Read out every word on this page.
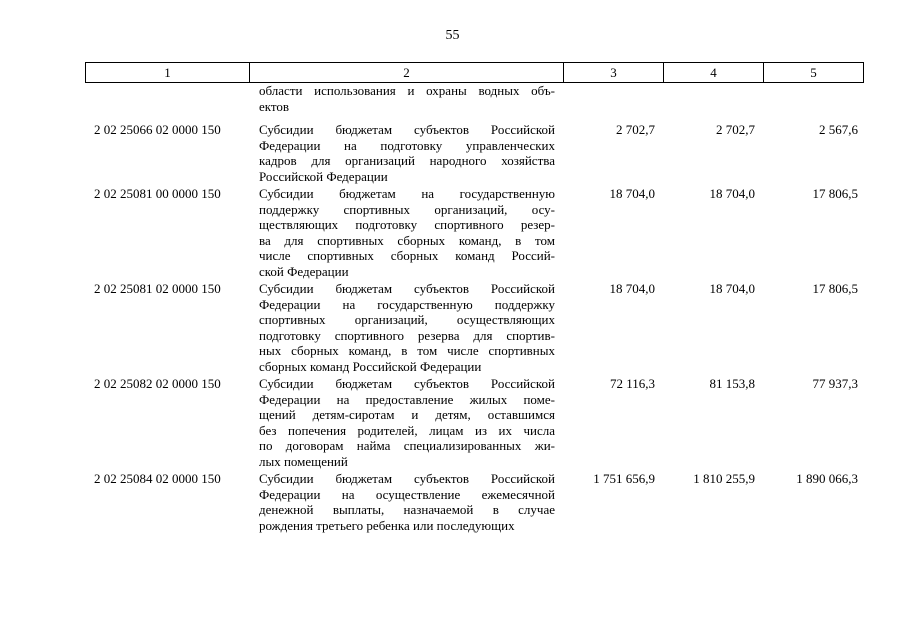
55
1	2	3	4	5
области использования и охраны водных объ-
ектов
2 02 25066 02 0000 150	Субсидии бюджетам субъектов Российской
Федерации на подготовку управленческих
кадров для организаций народного хозяйства
Российской Федерации
2 702,7	2 702,7	2 567,6
2 02 25081 00 0000 150	Субсидии бюджетам на государственную
поддержку спортивных организаций, осу-
ществляющих подготовку спортивного резер-
ва для спортивных сборных команд, в том
числе спортивных сборных команд Россий-
ской Федерации
18 704,0	18 704,0	17 806,5
2 02 25081 02 0000 150	Субсидии бюджетам субъектов Российской
Федерации на государственную поддержку
спортивных организаций, осуществляющих
подготовку спортивного резерва для спортив-
ных сборных команд, в том числе спортивных
сборных команд Российской Федерации
18 704,0	18 704,0	17 806,5
2 02 25082 02 0000 150	Субсидии бюджетам субъектов Российской
Федерации на предоставление жилых поме-
щений детям-сиротам и детям, оставшимся
без попечения родителей, лицам из их числа
по договорам найма специализированных жи-
лых помещений
72 116,3	81 153,8	77 937,3
2 02 25084 02 0000 150	Субсидии бюджетам субъектов Российской
Федерации на осуществление ежемесячной
денежной выплаты, назначаемой в случае
рождения третьего ребенка или последующих
1 751 656,9	1 810 255,9	1 890 066,3
